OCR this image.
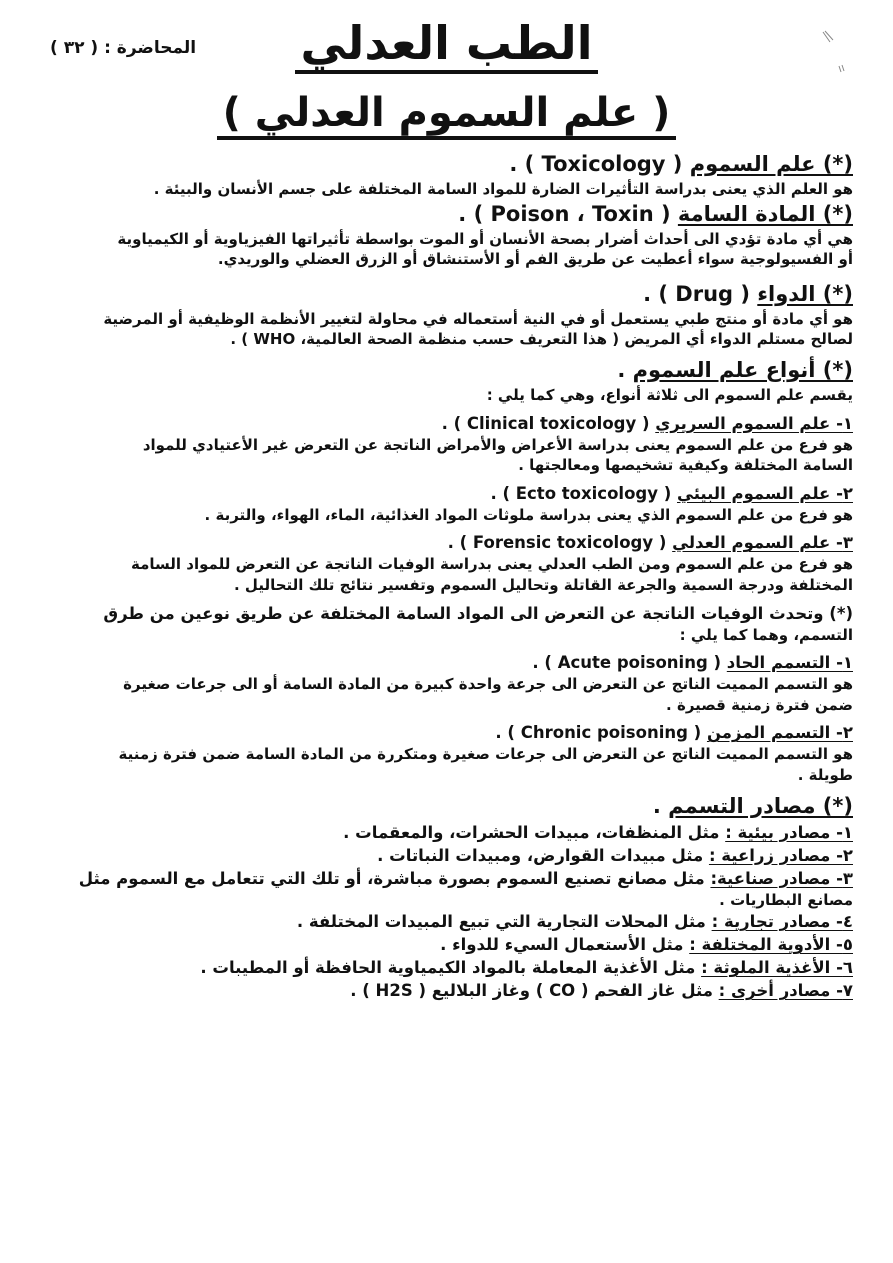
المحاضرة : ( ٣٢ )	الطب العدلي
( علم السموم العدلي )

(*) علم السموم ( Toxicology ) .

هو العلم الذي يعنى بدراسة التأثيرات الضارة للمواد السامة المختلفة على جسم الأنسان والبيئة .

(*) المادة السامة ( Poison ، Toxin ) .

هي أي مادة تؤدي الى أحداث أضرار بصحة الأنسان أو الموت بواسطة تأثيراتها الفيزياوية أو الكيمياوية

أو الفسيولوجية سواء أعطيت عن طريق الفم أو الأستنشاق أو الزرق العضلي والوريدي.

(*) الدواء ( Drug ) .

هو أي مادة أو منتج طبي يستعمل أو في النية أستعماله في محاولة لتغيير الأنظمة الوظيفية أو المرضية

لصالح مستلم الدواء أي المريض ( هذا التعريف حسب منظمة الصحة العالمية، WHO ) .

(*) أنواع علم السموم .

يقسم علم السموم الى ثلاثة أنواع، وهي كما يلي :

١- علم السموم السريري ( Clinical toxicology ) .

هو فرع من علم السموم يعنى بدراسة الأعراض والأمراض الناتجة عن التعرض غير الأعتيادي للمواد

السامة المختلفة وكيفية تشخيصها ومعالجتها .

٢- علم السموم البيئي ( Ecto toxicology ) .

هو فرع من علم السموم الذي يعنى بدراسة ملوثات المواد الغذائية، الماء، الهواء، والتربة .

٣- علم السموم العدلي ( Forensic toxicology ) .

هو فرع من علم السموم ومن الطب العدلي يعنى بدراسة الوفيات الناتجة عن التعرض للمواد السامة

المختلفة ودرجة السمية والجرعة القاتلة وتحاليل السموم وتفسير نتائج تلك التحاليل .

(*) وتحدث الوفيات الناتجة عن التعرض الى المواد السامة المختلفة عن طريق نوعين من طرق

التسمم، وهما كما يلي :

١- التسمم الحاد ( Acute poisoning ) .

هو التسمم المميت الناتج عن التعرض الى جرعة واحدة كبيرة من المادة السامة أو الى جرعات صغيرة

ضمن فترة زمنية قصيرة .

٢- التسمم المزمن ( Chronic poisoning ) .

هو التسمم المميت الناتج عن التعرض الى جرعات صغيرة ومتكررة من المادة السامة ضمن فترة زمنية

طويلة .

(*) مصادر التسمم .

١- مصادر بيئية : مثل المنظفات، مبيدات الحشرات، والمعقمات .

٢- مصادر زراعية : مثل مبيدات القوارض، ومبيدات النباتات .

٣- مصادر صناعية: مثل مصانع تصنيع السموم بصورة مباشرة، أو تلك التي تتعامل مع السموم مثل

مصانع البطاريات .

٤- مصادر تجارية : مثل المحلات التجارية التي تبيع المبيدات المختلفة .

٥- الأدوية المختلفة : مثل الأستعمال السيء للدواء .

٦- الأغذية الملوثة : مثل الأغذية المعاملة بالمواد الكيمياوية الحافظة أو المطيبات .

٧- مصادر أخرى : مثل غاز الفحم ( CO ) وغاز البلاليع ( H2S ) .
